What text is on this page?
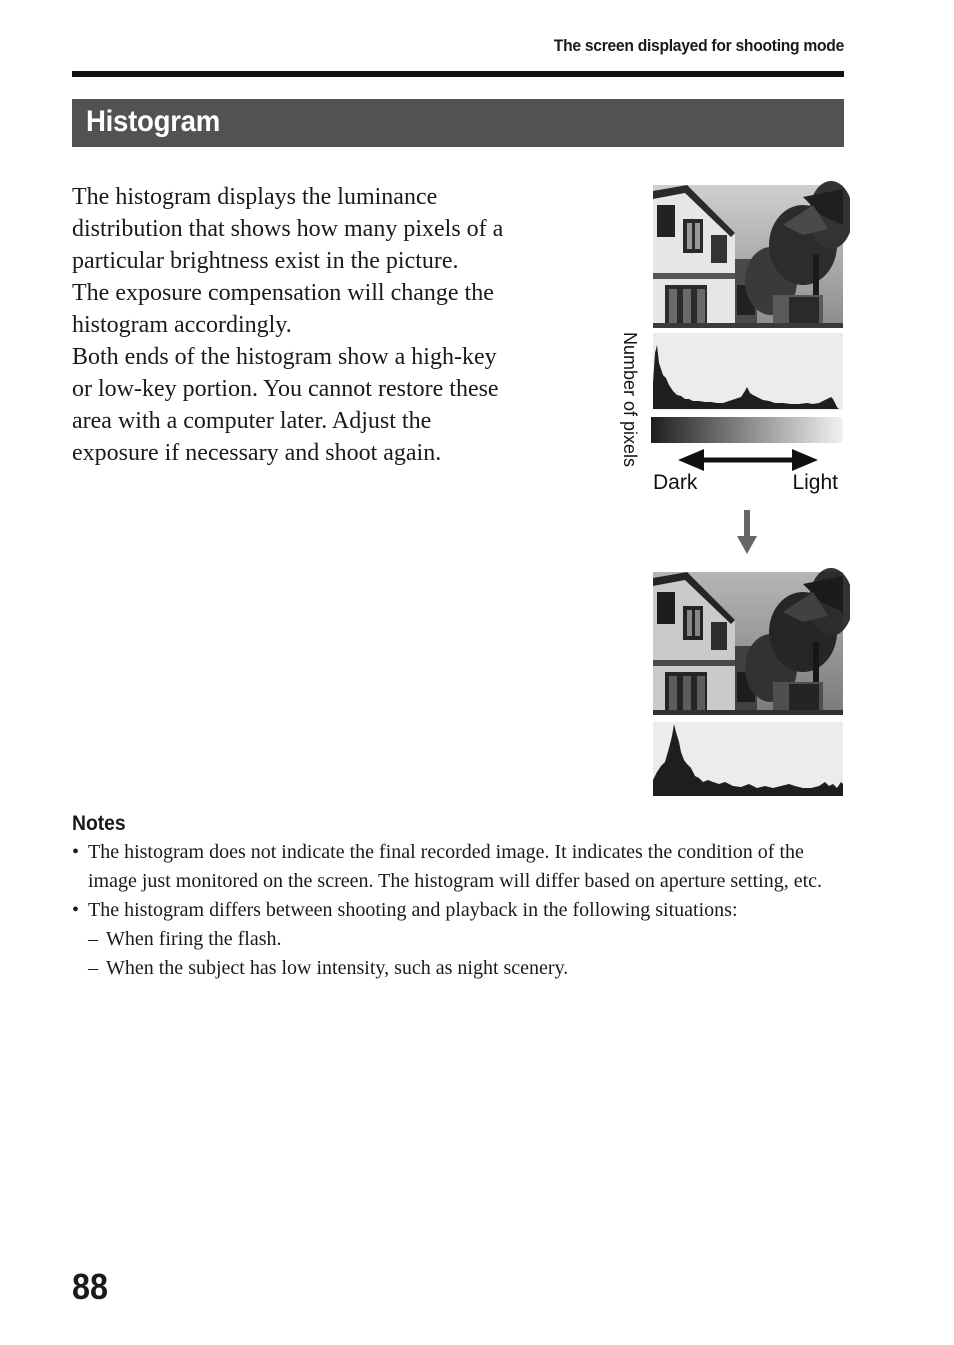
The screen displayed for shooting mode
Histogram

The histogram displays the luminance distribution that shows how many pixels of a particular brightness exist in the picture.

The exposure compensation will change the histogram accordingly.

Both ends of the histogram show a high-key or low-key portion. You cannot restore these area with a computer later. Adjust the exposure if necessary and shoot again.	Number of pixels
Dark	Light
Notes
• The histogram does not indicate the final recorded image. It indicates the condition of the image just monitored on the screen. The histogram will differ based on aperture setting, etc.
• The histogram differs between shooting and playback in the following situations:
– When firing the flash.
– When the subject has low intensity, such as night scenery.
88
